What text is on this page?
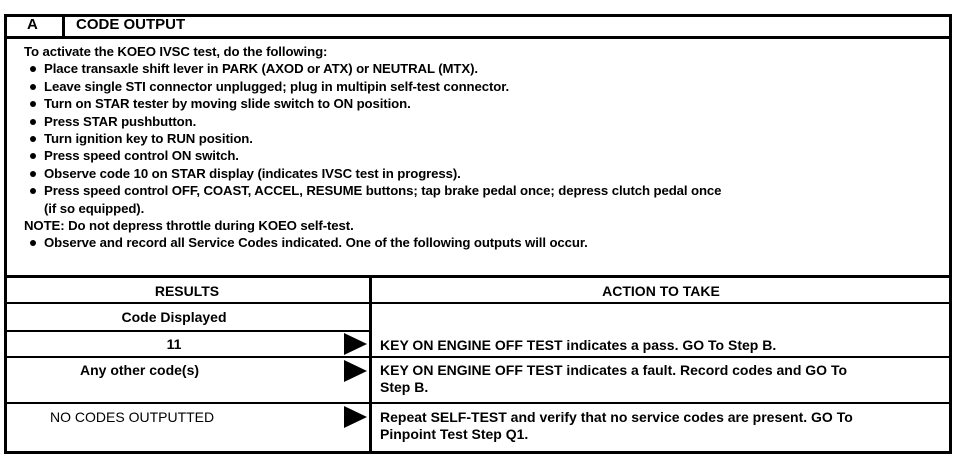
A	CODE OUTPUT
To activate the KOEO IVSC test, do the following:
Place transaxle shift lever in PARK (AXOD or ATX) or NEUTRAL (MTX).
Leave single STI connector unplugged; plug in multipin self-test connector.
Turn on STAR tester by moving slide switch to ON position.
Press STAR pushbutton.
Turn ignition key to RUN position.
Press speed control ON switch.
Observe code 10 on STAR display (indicates IVSC test in progress).
Press speed control OFF, COAST, ACCEL, RESUME buttons; tap brake pedal once; depress clutch pedal once
(if so equipped).
NOTE: Do not depress throttle during KOEO self-test.
Observe and record all Service Codes indicated. One of the following outputs will occur.
RESULTS	ACTION TO TAKE
Code Displayed
11	KEY ON ENGINE OFF TEST indicates a pass. GO To Step B.
Any other code(s)	KEY ON ENGINE OFF TEST indicates a fault. Record codes and GO To
Step B.
NO CODES OUTPUTTED	Repeat SELF-TEST and verify that no service codes are present. GO To
Pinpoint Test Step Q1.
